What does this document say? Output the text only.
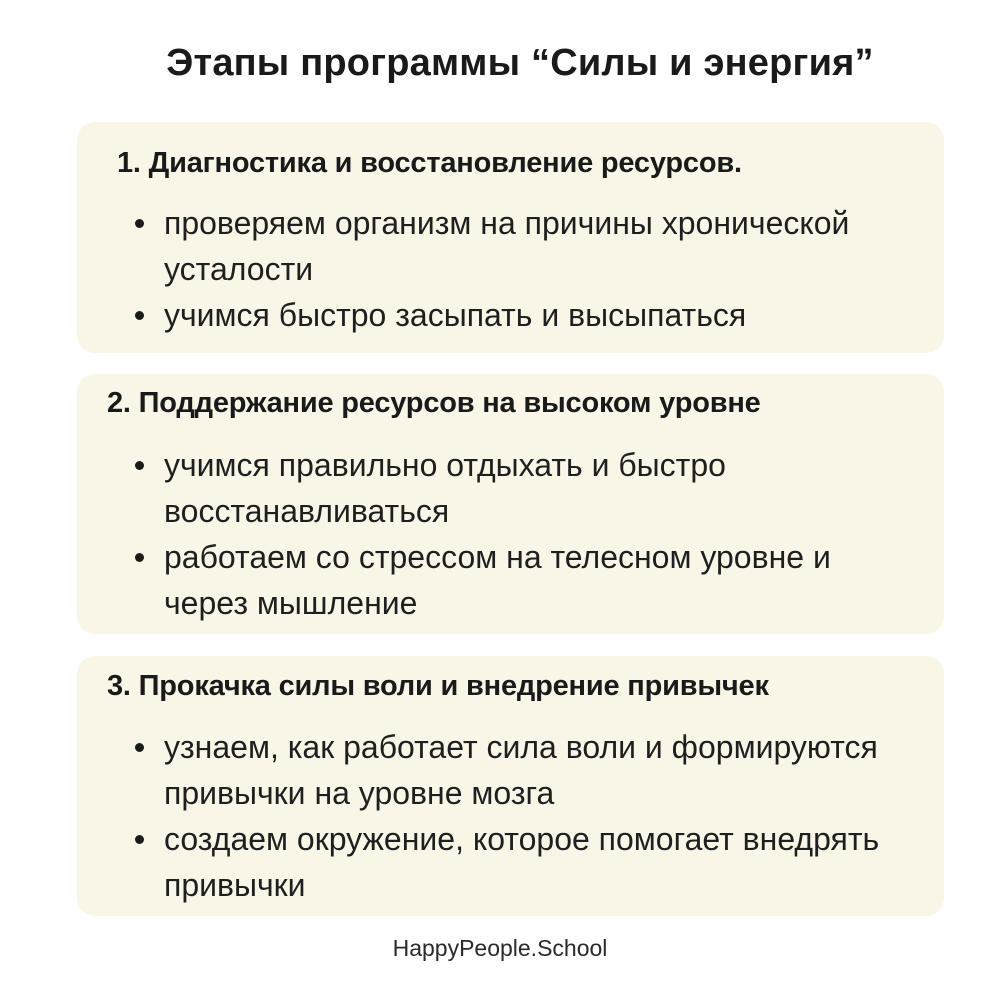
Этапы программы “Силы и энергия”
1. Диагностика и восстановление ресурсов.
проверяем организм на причины хронической
усталости
учимся быстро засыпать и высыпаться
2. Поддержание ресурсов на высоком уровне
учимся правильно отдыхать и быстро
восстанавливаться
работаем со стрессом на телесном уровне и
через мышление
3. Прокачка силы воли и внедрение привычек
узнаем, как работает сила воли и формируются
привычки на уровне мозга
создаем окружение, которое помогает внедрять
привычки
HappyPeople.School
